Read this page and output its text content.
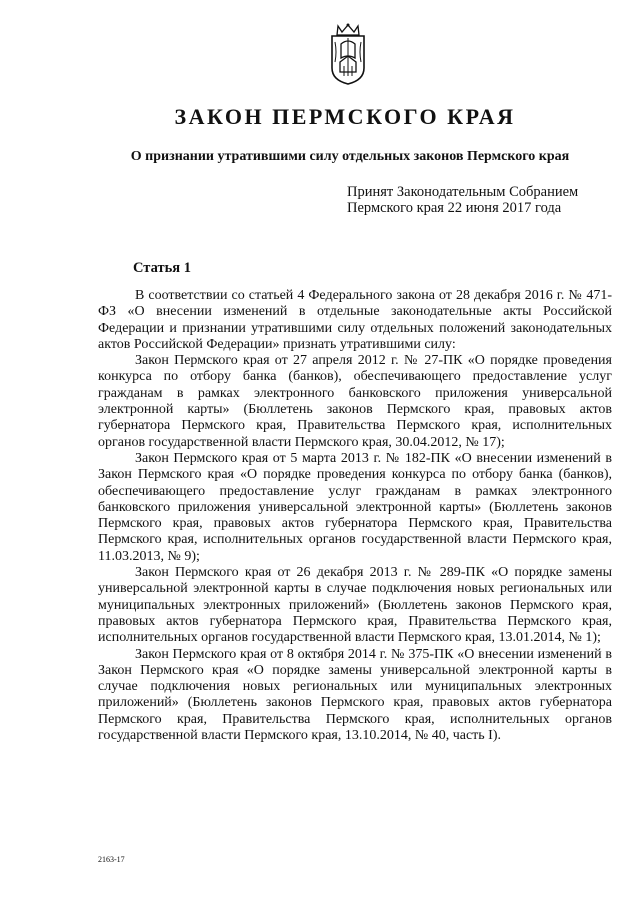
ЗАКОН ПЕРМСКОГО КРАЯ
О признании утратившими силу отдельных законов Пермского края
Принят Законодательным Собранием
Пермского края 22 июня 2017 года
Статья 1

В соответствии со статьей 4 Федерального закона от 28 декабря 2016 г. № 471-ФЗ «О внесении изменений в отдельные законодательные акты Российской Федерации и признании утратившими силу отдельных положений законодательных актов Российской Федерации» признать утратившими силу:

Закон Пермского края от 27 апреля 2012 г. № 27-ПК «О порядке проведения конкурса по отбору банка (банков), обеспечивающего предоставление услуг гражданам в рамках электронного банковского приложения универсальной электронной карты» (Бюллетень законов Пермского края, правовых актов губернатора Пермского края, Правительства Пермского края, исполнительных органов государственной власти Пермского края, 30.04.2012, № 17);

Закон Пермского края от 5 марта 2013 г. № 182-ПК «О внесении изменений в Закон Пермского края «О порядке проведения конкурса по отбору банка (банков), обеспечивающего предоставление услуг гражданам в рамках электронного банковского приложения универсальной электронной карты» (Бюллетень законов Пермского края, правовых актов губернатора Пермского края, Правительства Пермского края, исполнительных органов государственной власти Пермского края, 11.03.2013, № 9);

Закон Пермского края от 26 декабря 2013 г. № 289-ПК «О порядке замены универсальной электронной карты в случае подключения новых региональных или муниципальных электронных приложений» (Бюллетень законов Пермского края, правовых актов губернатора Пермского края, Правительства Пермского края, исполнительных органов государственной власти Пермского края, 13.01.2014, № 1);

Закон Пермского края от 8 октября 2014 г. № 375-ПК «О внесении изменений в Закон Пермского края «О порядке замены универсальной электронной карты в случае подключения новых региональных или муниципальных электронных приложений» (Бюллетень законов Пермского края, правовых актов губернатора Пермского края, Правительства Пермского края, исполнительных органов государственной власти Пермского края, 13.10.2014, № 40, часть I).

2163-17
